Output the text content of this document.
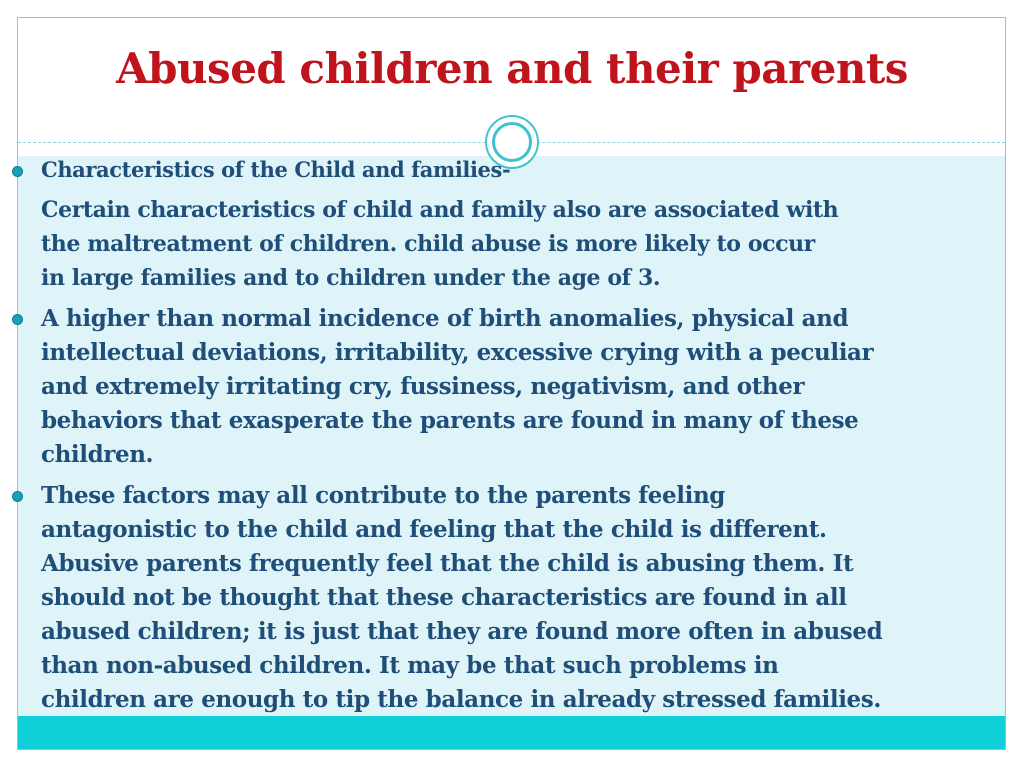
Abused children and their parents
Characteristics of the Child and families-
Certain characteristics of child and family also are associated with
the maltreatment of children. child abuse is more likely to occur
in large families and to children under the age of 3.
A higher than normal incidence of birth anomalies, physical and
intellectual deviations, irritability, excessive crying with a peculiar
and extremely irritating cry, fussiness, negativism, and other
behaviors that exasperate the parents are found in many of these
children.
These factors may all contribute to the parents feeling
antagonistic to the child and feeling that the child is different.
Abusive parents frequently feel that the child is abusing them. It
should not be thought that these characteristics are found in all
abused children; it is just that they are found more often in abused
than non-abused children. It may be that such problems in
children are enough to tip the balance in already stressed families.
